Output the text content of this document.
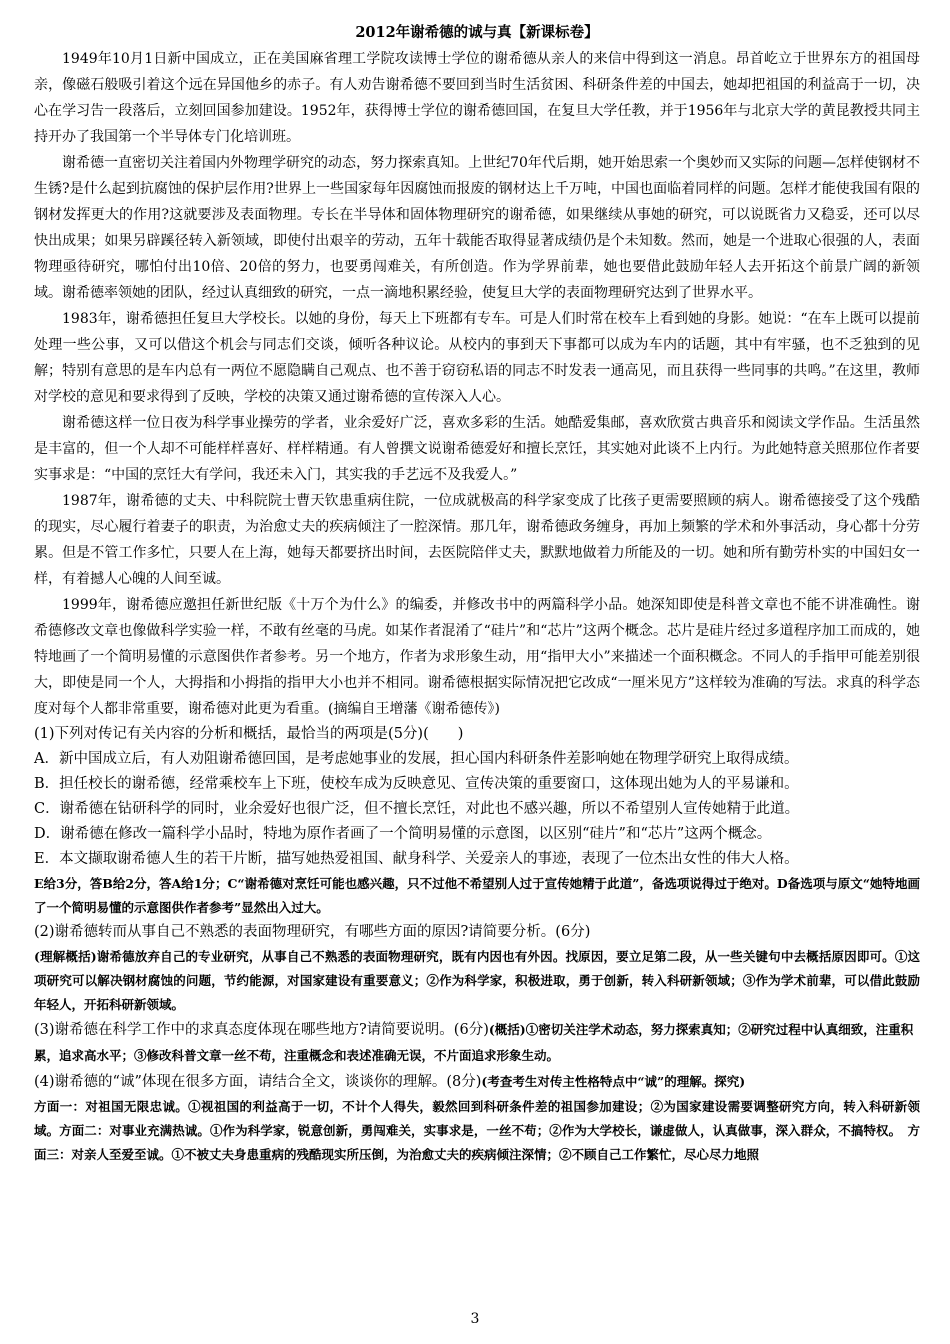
2012年谢希德的诚与真【新课标卷】

1949年10月1日新中国成立，正在美国麻省理工学院攻读博士学位的谢希德从亲人的来信中得到这一消息。昂首屹立于世界东方的祖国母亲，像磁石般吸引着这个远在异国他乡的赤子。有人劝告谢希德不要回到当时生活贫困、科研条件差的中国去，她却把祖国的利益高于一切，决心在学习告一段落后，立刻回国参加建设。1952年，获得博士学位的谢希德回国，在复旦大学任教，并于1956年与北京大学的黄昆教授共同主持开办了我国第一个半导体专门化培训班。

谢希德一直密切关注着国内外物理学研究的动态，努力探索真知。上世纪70年代后期，她开始思索一个奥妙而又实际的问题—怎样使钢材不生锈?是什么起到抗腐蚀的保护层作用?世界上一些国家每年因腐蚀而报废的钢材达上千万吨，中国也面临着同样的问题。怎样才能使我国有限的钢材发挥更大的作用?这就要涉及表面物理。专长在半导体和固体物理研究的谢希德，如果继续从事她的研究，可以说既省力又稳妥，还可以尽快出成果；如果另辟蹊径转入新领域，即使付出艰辛的劳动，五年十载能否取得显著成绩仍是个未知数。然而，她是一个进取心很强的人，表面物理亟待研究，哪怕付出10倍、20倍的努力，也要勇闯难关，有所创造。作为学界前辈，她也要借此鼓励年轻人去开拓这个前景广阔的新领域。谢希德率领她的团队，经过认真细致的研究，一点一滴地积累经验，使复旦大学的表面物理研究达到了世界水平。

1983年，谢希德担任复旦大学校长。以她的身份，每天上下班都有专车。可是人们时常在校车上看到她的身影。她说：“在车上既可以提前处理一些公事，又可以借这个机会与同志们交谈，倾听各种议论。从校内的事到天下事都可以成为车内的话题，其中有牢骚，也不乏独到的见解；特别有意思的是车内总有一两位不愿隐瞒自己观点、也不善于窃窃私语的同志不时发表一通高见，而且获得一些同事的共鸣。”在这里，教师对学校的意见和要求得到了反映，学校的决策又通过谢希德的宣传深入人心。

谢希德这样一位日夜为科学事业操劳的学者，业余爱好广泛，喜欢多彩的生活。她酷爱集邮，喜欢欣赏古典音乐和阅读文学作品。生活虽然是丰富的，但一个人却不可能样样喜好、样样精通。有人曾撰文说谢希德爱好和擅长烹饪，其实她对此谈不上内行。为此她特意关照那位作者要实事求是：“中国的烹饪大有学问，我还未入门，其实我的手艺远不及我爱人。”

1987年，谢希德的丈夫、中科院院士曹天钦患重病住院，一位成就极高的科学家变成了比孩子更需要照顾的病人。谢希德接受了这个残酷的现实，尽心履行着妻子的职责，为治愈丈夫的疾病倾注了一腔深情。那几年，谢希德政务缠身，再加上频繁的学术和外事活动，身心都十分劳累。但是不管工作多忙，只要人在上海，她每天都要挤出时间，去医院陪伴丈夫，默默地做着力所能及的一切。她和所有勤劳朴实的中国妇女一样，有着撼人心魄的人间至诚。

1999年，谢希德应邀担任新世纪版《十万个为什么》的编委，并修改书中的两篇科学小品。她深知即使是科普文章也不能不讲准确性。谢希德修改文章也像做科学实验一样，不敢有丝毫的马虎。如某作者混淆了“硅片”和“芯片”这两个概念。芯片是硅片经过多道程序加工而成的，她特地画了一个简明易懂的示意图供作者参考。另一个地方，作者为求形象生动，用“指甲大小”来描述一个面积概念。不同人的手指甲可能差别很大，即使是同一个人，大拇指和小拇指的指甲大小也并不相同。谢希德根据实际情况把它改成“一厘米见方”这样较为准确的写法。求真的科学态度对每个人都非常重要，谢希德对此更为看重。(摘编自王增藩《谢希德传》)

(1)下列对传记有关内容的分析和概括，最恰当的两项是(5分)(　　)

A．新中国成立后，有人劝阻谢希德回国，是考虑她事业的发展，担心国内科研条件差影响她在物理学研究上取得成绩。

B．担任校长的谢希德，经常乘校车上下班，使校车成为反映意见、宣传决策的重要窗口，这体现出她为人的平易谦和。

C．谢希德在钻研科学的同时，业余爱好也很广泛，但不擅长烹饪，对此也不感兴趣，所以不希望别人宣传她精于此道。

D．谢希德在修改一篇科学小品时，特地为原作者画了一个简明易懂的示意图，以区别“硅片”和“芯片”这两个概念。

E．本文撷取谢希德人生的若干片断，描写她热爱祖国、献身科学、关爱亲人的事迹，表现了一位杰出女性的伟大人格。

E给3分，答B给2分，答A给1分；C“谢希德对烹饪可能也感兴趣，只不过他不希望别人过于宣传她精于此道”，备选项说得过于绝对。D备选项与原文“她特地画了一个简明易懂的示意图供作者参考”显然出入过大。

(2)谢希德转而从事自己不熟悉的表面物理研究，有哪些方面的原因?请简要分析。(6分)

(理解概括)谢希德放弃自己的专业研究，从事自己不熟悉的表面物理研究，既有内因也有外因。找原因，要立足第二段，从一些关键句中去概括原因即可。①这项研究可以解决钢材腐蚀的问题，节约能源，对国家建设有重要意义；②作为科学家，积极进取，勇于创新，转入科研新领域；③作为学术前辈，可以借此鼓励年轻人，开拓科研新领域。

(3)谢希德在科学工作中的求真态度体现在哪些地方?请简要说明。(6分)(概括)①密切关注学术动态，努力探索真知；②研究过程中认真细致，注重积累，追求高水平；③修改科普文章一丝不苟，注重概念和表述准确无误，不片面追求形象生动。

(4)谢希德的“诚”体现在很多方面，请结合全文，谈谈你的理解。(8分)(考查考生对传主性格特点中“诚”的理解。探究)

方面一：对祖国无限忠诚。①视祖国的利益高于一切，不计个人得失，毅然回到科研条件差的祖国参加建设；②为国家建设需要调整研究方向，转入科研新领域。方面二：对事业充满热诚。①作为科学家，锐意创新，勇闯难关，实事求是，一丝不苟；②作为大学校长，谦虚做人，认真做事，深入群众，不搞特权。　方面三：对亲人至爱至诚。①不被丈夫身患重病的残酷现实所压倒，为治愈丈夫的疾病倾注深情；②不顾自己工作繁忙，尽心尽力地照

3
